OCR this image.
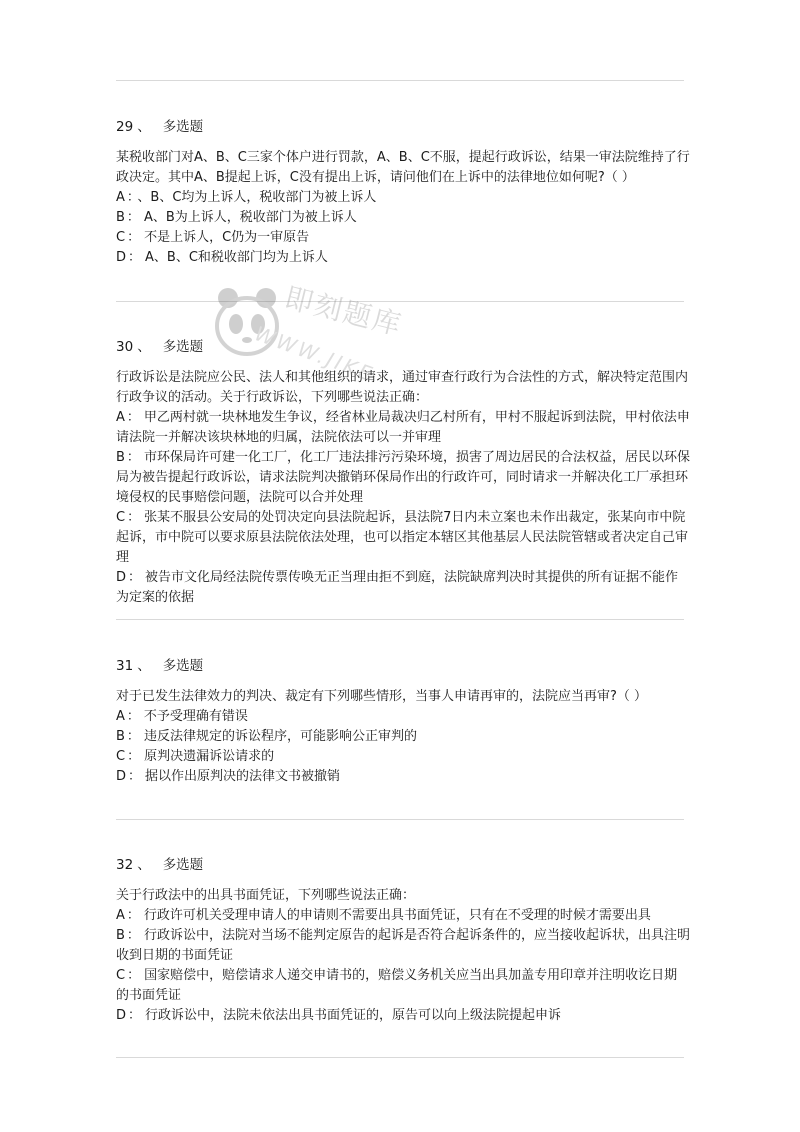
29 、 多选题
某税收部门对A、B、C三家个体户进行罚款，A、B、C不服，提起行政诉讼，结果一审法院维持了行政决定。其中A、B提起上诉，C没有提出上诉，请问他们在上诉中的法律地位如何呢?（ ）
A ： 、B、C均为上诉人，税收部门为被上诉人
B ： A、B为上诉人，税收部门为被上诉人
C ： 不是上诉人，C仍为一审原告
D ： A、B、C和税收部门均为上诉人
30 、 多选题
行政诉讼是法院应公民、法人和其他组织的请求，通过审查行政行为合法性的方式，解决特定范围内行政争议的活动。关于行政诉讼，下列哪些说法正确：
A ： 甲乙两村就一块林地发生争议，经省林业局裁决归乙村所有，甲村不服起诉到法院，甲村依法申请法院一并解决该块林地的归属，法院依法可以一并审理
B ： 市环保局许可建一化工厂，化工厂违法排污污染环境，损害了周边居民的合法权益，居民以环保局为被告提起行政诉讼，请求法院判决撤销环保局作出的行政许可，同时请求一并解决化工厂承担环境侵权的民事赔偿问题，法院可以合并处理
C ： 张某不服县公安局的处罚决定向县法院起诉，县法院7日内未立案也未作出裁定，张某向市中院起诉，市中院可以要求原县法院依法处理，也可以指定本辖区其他基层人民法院管辖或者决定自己审理
D ： 被告市文化局经法院传票传唤无正当理由拒不到庭，法院缺席判决时其提供的所有证据不能作为定案的依据
31 、 多选题
对于已发生法律效力的判决、裁定有下列哪些情形，当事人申请再审的，法院应当再审?（ ）
A ： 不予受理确有错误
B ： 违反法律规定的诉讼程序，可能影响公正审判的
C ： 原判决遗漏诉讼请求的
D ： 据以作出原判决的法律文书被撤销
32 、 多选题
关于行政法中的出具书面凭证，下列哪些说法正确：
A ： 行政许可机关受理申请人的申请则不需要出具书面凭证，只有在不受理的时候才需要出具
B ： 行政诉讼中，法院对当场不能判定原告的起诉是否符合起诉条件的，应当接收起诉状，出具注明收到日期的书面凭证
C ： 国家赔偿中，赔偿请求人递交申请书的，赔偿义务机关应当出具加盖专用印章并注明收讫日期的书面凭证
D ： 行政诉讼中，法院未依法出具书面凭证的，原告可以向上级法院提起申诉
即刻题库
WWW.JIKE
